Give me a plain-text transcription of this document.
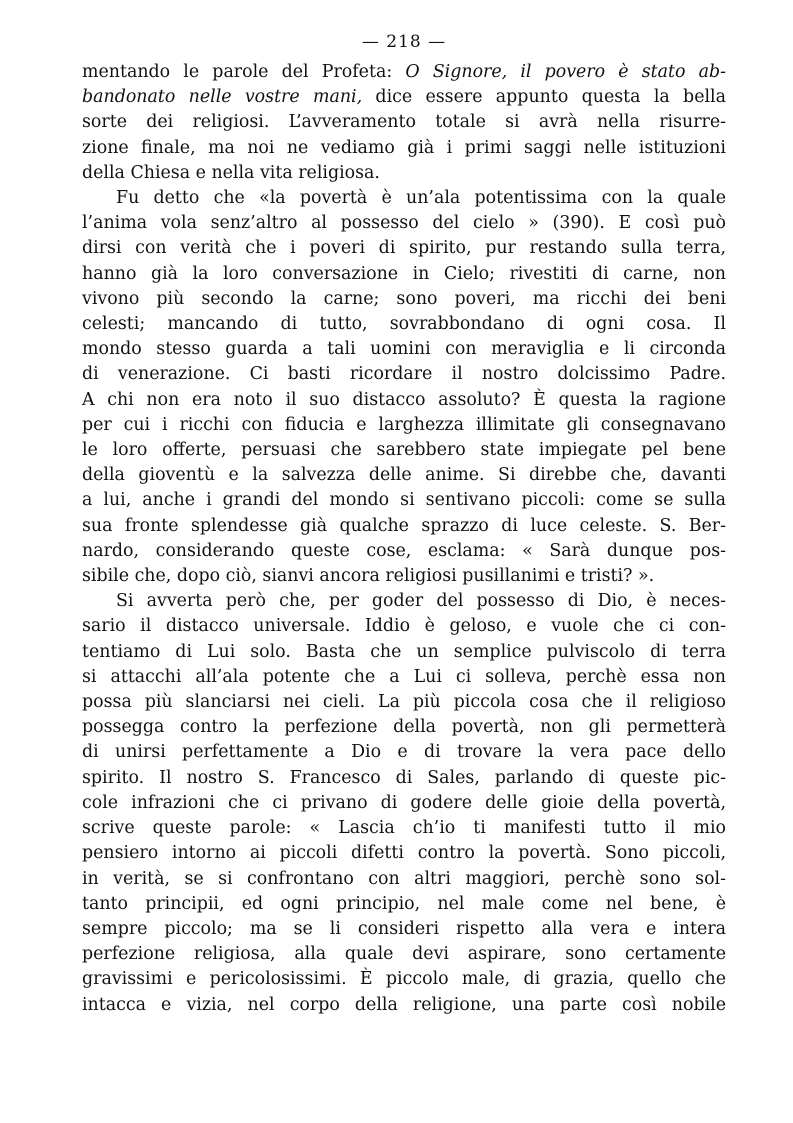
— 218 —
mentando le parole del Profeta: O Signore, il povero è stato ab-
bandonato nelle vostre mani, dice essere appunto questa la bella
sorte dei religiosi. L’avveramento totale si avrà nella risurre-
zione finale, ma noi ne vediamo già i primi saggi nelle istituzioni
della Chiesa e nella vita religiosa.
Fu detto che «la povertà è un’ala potentissima con la quale
l’anima vola senz’altro al possesso del cielo » (390). E così può
dirsi con verità che i poveri di spirito, pur restando sulla terra,
hanno già la loro conversazione in Cielo; rivestiti di carne, non
vivono più secondo la carne; sono poveri, ma ricchi dei beni
celesti; mancando di tutto, sovrabbondano di ogni cosa. Il
mondo stesso guarda a tali uomini con meraviglia e li circonda
di venerazione. Ci basti ricordare il nostro dolcissimo Padre.
A chi non era noto il suo distacco assoluto? È questa la ragione
per cui i ricchi con fiducia e larghezza illimitate gli consegnavano
le loro offerte, persuasi che sarebbero state impiegate pel bene
della gioventù e la salvezza delle anime. Si direbbe che, davanti
a lui, anche i grandi del mondo si sentivano piccoli: come se sulla
sua fronte splendesse già qualche sprazzo di luce celeste. S. Ber-
nardo, considerando queste cose, esclama: « Sarà dunque pos-
sibile che, dopo ciò, sianvi ancora religiosi pusillanimi e tristi? ».
Si avverta però che, per goder del possesso di Dio, è neces-
sario il distacco universale. Iddio è geloso, e vuole che ci con-
tentiamo di Lui solo. Basta che un semplice pulviscolo di terra
si attacchi all’ala potente che a Lui ci solleva, perchè essa non
possa più slanciarsi nei cieli. La più piccola cosa che il religioso
possegga contro la perfezione della povertà, non gli permetterà
di unirsi perfettamente a Dio e di trovare la vera pace dello
spirito. Il nostro S. Francesco di Sales, parlando di queste pic-
cole infrazioni che ci privano di godere delle gioie della povertà,
scrive queste parole: « Lascia ch’io ti manifesti tutto il mio
pensiero intorno ai piccoli difetti contro la povertà. Sono piccoli,
in verità, se si confrontano con altri maggiori, perchè sono sol-
tanto principii, ed ogni principio, nel male come nel bene, è
sempre piccolo; ma se li consideri rispetto alla vera e intera
perfezione religiosa, alla quale devi aspirare, sono certamente
gravissimi e pericolosissimi. È piccolo male, di grazia, quello che
intacca e vizia, nel corpo della religione, una parte così nobile
